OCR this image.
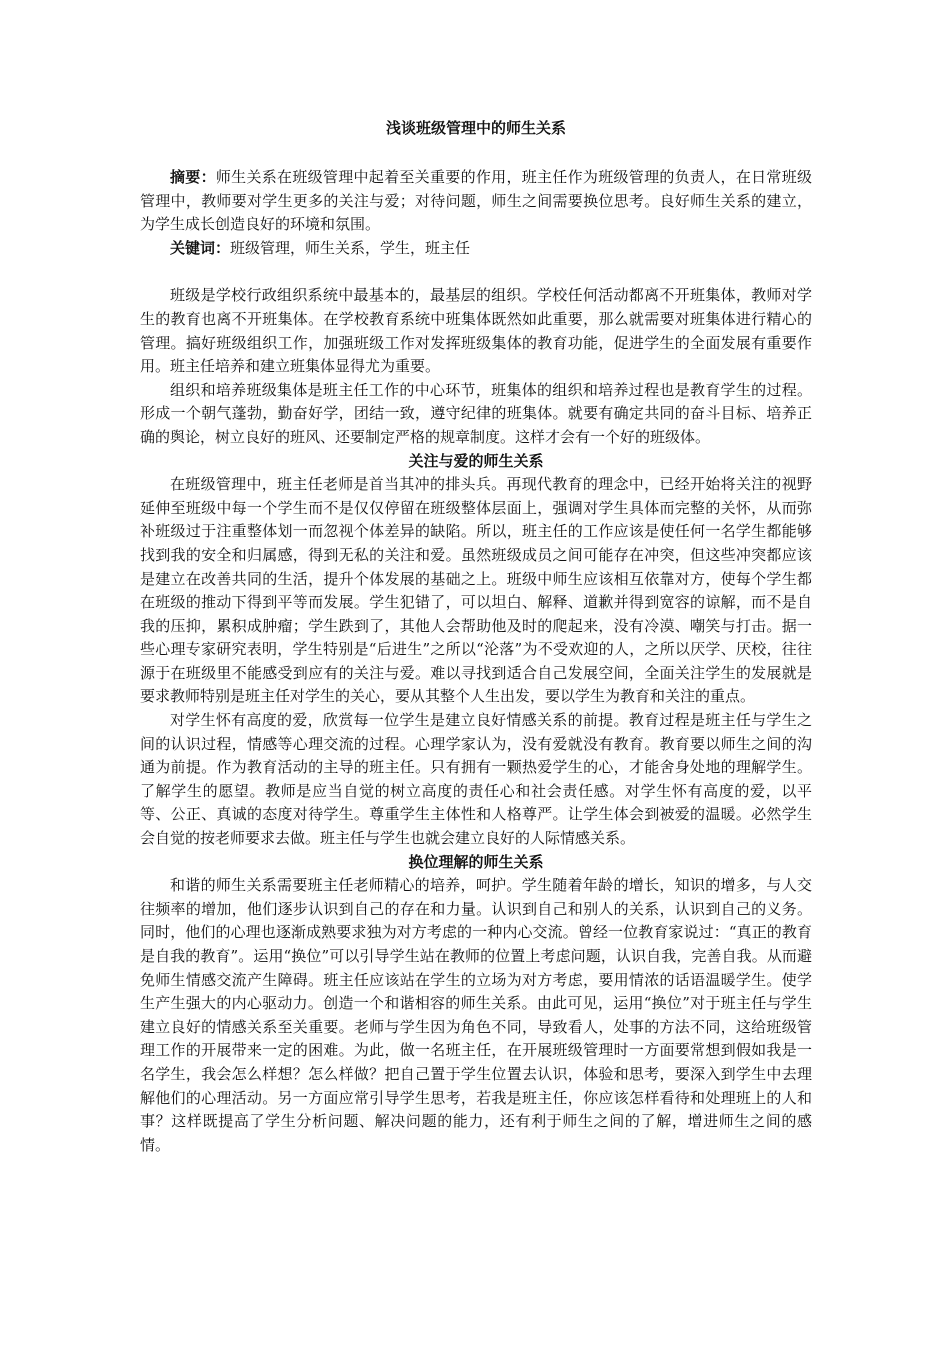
浅谈班级管理中的师生关系

摘要：师生关系在班级管理中起着至关重要的作用，班主任作为班级管理的负责人，在日常班级管理中，教师要对学生更多的关注与爱；对待问题，师生之间需要换位思考。良好师生关系的建立，为学生成长创造良好的环境和氛围。

关键词：班级管理，师生关系，学生，班主任

班级是学校行政组织系统中最基本的，最基层的组织。学校任何活动都离不开班集体，教师对学生的教育也离不开班集体。在学校教育系统中班集体既然如此重要，那么就需要对班集体进行精心的管理。搞好班级组织工作，加强班级工作对发挥班级集体的教育功能，促进学生的全面发展有重要作用。班主任培养和建立班集体显得尤为重要。

组织和培养班级集体是班主任工作的中心环节，班集体的组织和培养过程也是教育学生的过程。形成一个朝气蓬勃，勤奋好学，团结一致，遵守纪律的班集体。就要有确定共同的奋斗目标、培养正确的舆论，树立良好的班风、还要制定严格的规章制度。这样才会有一个好的班级体。

关注与爱的师生关系

在班级管理中，班主任老师是首当其冲的排头兵。再现代教育的理念中，已经开始将关注的视野延伸至班级中每一个学生而不是仅仅停留在班级整体层面上，强调对学生具体而完整的关怀，从而弥补班级过于注重整体划一而忽视个体差异的缺陷。所以，班主任的工作应该是使任何一名学生都能够找到我的安全和归属感，得到无私的关注和爱。虽然班级成员之间可能存在冲突，但这些冲突都应该是建立在改善共同的生活，提升个体发展的基础之上。班级中师生应该相互依靠对方，使每个学生都在班级的推动下得到平等而发展。学生犯错了，可以坦白、解释、道歉并得到宽容的谅解，而不是自我的压抑，累积成肿瘤；学生跌到了，其他人会帮助他及时的爬起来，没有冷漠、嘲笑与打击。据一些心理专家研究表明，学生特别是“后进生”之所以“沦落”为不受欢迎的人，之所以厌学、厌校，往往源于在班级里不能感受到应有的关注与爱。难以寻找到适合自己发展空间，全面关注学生的发展就是要求教师特别是班主任对学生的关心，要从其整个人生出发，要以学生为教育和关注的重点。

对学生怀有高度的爱，欣赏每一位学生是建立良好情感关系的前提。教育过程是班主任与学生之间的认识过程，情感等心理交流的过程。心理学家认为，没有爱就没有教育。教育要以师生之间的沟通为前提。作为教育活动的主导的班主任。只有拥有一颗热爱学生的心，才能舍身处地的理解学生。了解学生的愿望。教师是应当自觉的树立高度的责任心和社会责任感。对学生怀有高度的爱，以平等、公正、真诚的态度对待学生。尊重学生主体性和人格尊严。让学生体会到被爱的温暖。必然学生会自觉的按老师要求去做。班主任与学生也就会建立良好的人际情感关系。

换位理解的师生关系

和谐的师生关系需要班主任老师精心的培养，呵护。学生随着年龄的增长，知识的增多，与人交往频率的增加，他们逐步认识到自己的存在和力量。认识到自己和别人的关系，认识到自己的义务。同时，他们的心理也逐渐成熟要求独为对方考虑的一种内心交流。曾经一位教育家说过：“真正的教育是自我的教育”。运用“换位”可以引导学生站在教师的位置上考虑问题，认识自我，完善自我。从而避免师生情感交流产生障碍。班主任应该站在学生的立场为对方考虑，要用情浓的话语温暖学生。使学生产生强大的内心驱动力。创造一个和谐相容的师生关系。由此可见，运用“换位”对于班主任与学生建立良好的情感关系至关重要。老师与学生因为角色不同，导致看人，处事的方法不同，这给班级管理工作的开展带来一定的困难。为此，做一名班主任，在开展班级管理时一方面要常想到假如我是一名学生，我会怎么样想？怎么样做？把自己置于学生位置去认识，体验和思考，要深入到学生中去理解他们的心理活动。另一方面应常引导学生思考，若我是班主任，你应该怎样看待和处理班上的人和事？这样既提高了学生分析问题、解决问题的能力，还有利于师生之间的了解，增进师生之间的感情。
